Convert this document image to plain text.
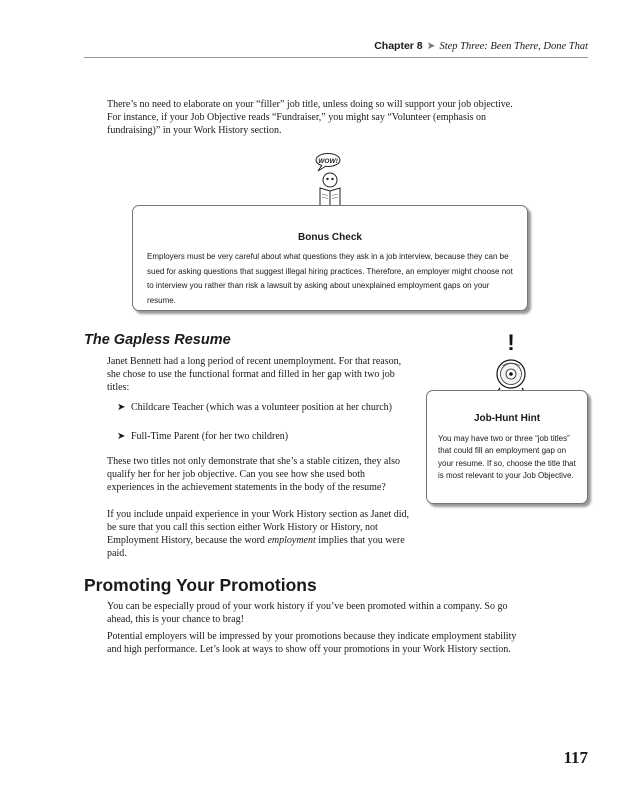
Chapter 8 ➤ Step Three: Been There, Done That

There’s no need to elaborate on your “filler” job title, unless doing so will support your job objective. For instance, if your Job Objective reads “Fundraiser,” you might say “Volunteer (emphasis on fundraising)” in your Work History section.

WOW!
Bonus Check

Employers must be very careful about what questions they ask in a job interview, because they can be sued for asking questions that suggest illegal hiring practices. Therefore, an employer might choose not to interview you rather than risk a lawsuit by asking about unexplained employment gaps on your resume.

The Gapless Resume

Janet Bennett had a long period of recent unemployment. For that reason, she chose to use the functional format and filled in her gap with two job titles:

➤ Childcare Teacher (which was a volunteer position at her church)
➤ Full-Time Parent (for her two children)

These two titles not only demonstrate that she’s a stable citizen, they also qualify her for her job objective. Can you see how she used both experiences in the achievement statements in the body of the resume?

If you include unpaid experience in your Work History section as Janet did, be sure that you call this section either Work History or History, not Employment History, because the word employment implies that you were paid.

!
Job-Hunt Hint

You may have two or three “job titles” that could fill an employment gap on your resume. If so, choose the title that is most relevant to your Job Objective.

Promoting Your Promotions

You can be especially proud of your work history if you’ve been promoted within a company. So go ahead, this is your chance to brag!

Potential employers will be impressed by your promotions because they indicate employment stability and high performance. Let’s look at ways to show off your promotions in your Work History section.

117
